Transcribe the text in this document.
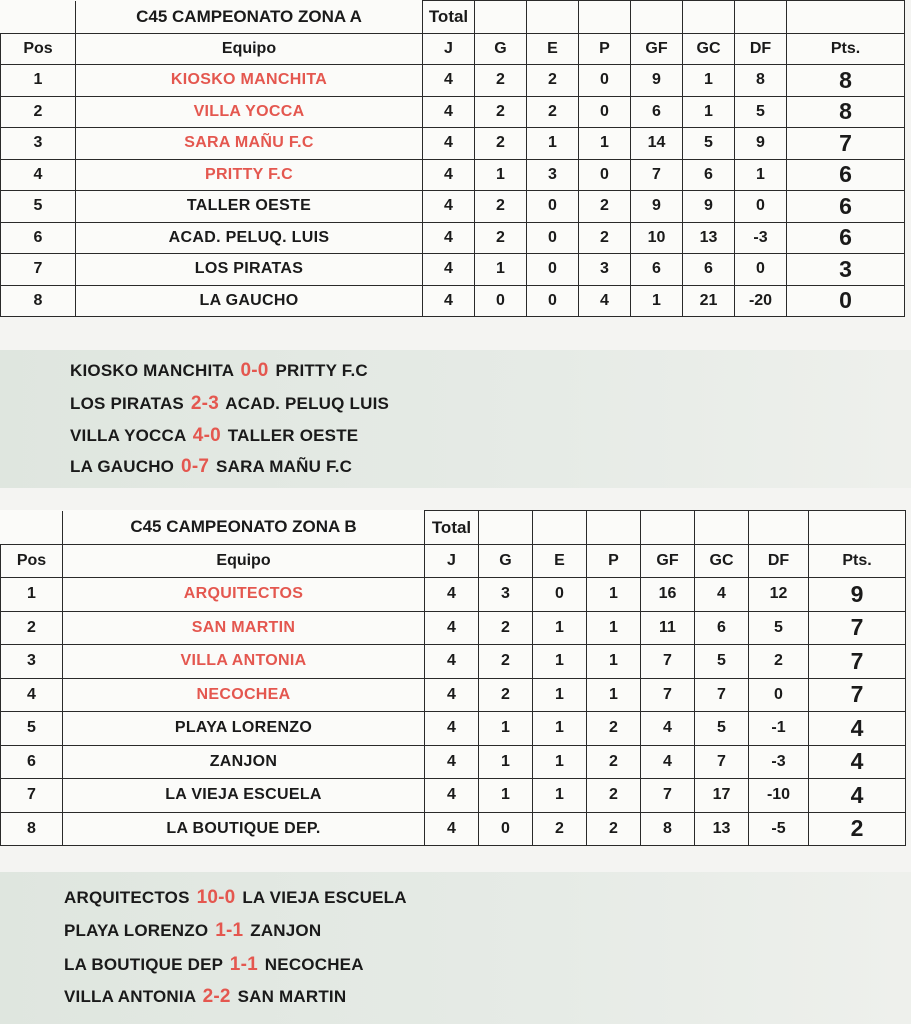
	C45 CAMPEONATO ZONA A	Total							
Pos	Equipo	J	G	E	P	GF	GC	DF	Pts.
1	KIOSKO MANCHITA	4	2	2	0	9	1	8	8
2	VILLA YOCCA	4	2	2	0	6	1	5	8
3	SARA MAÑU F.C	4	2	1	1	14	5	9	7
4	PRITTY F.C	4	1	3	0	7	6	1	6
5	TALLER OESTE	4	2	0	2	9	9	0	6
6	ACAD. PELUQ. LUIS	4	2	0	2	10	13	-3	6
7	LOS PIRATAS	4	1	0	3	6	6	0	3
8	LA GAUCHO	4	0	0	4	1	21	-20	0
KIOSKO MANCHITA 0-0 PRITTY F.C
LOS PIRATAS 2-3 ACAD. PELUQ LUIS
VILLA YOCCA 4-0 TALLER OESTE
LA GAUCHO 0-7 SARA MAÑU F.C
	C45 CAMPEONATO ZONA B	Total							
Pos	Equipo	J	G	E	P	GF	GC	DF	Pts.
1	ARQUITECTOS	4	3	0	1	16	4	12	9
2	SAN MARTIN	4	2	1	1	11	6	5	7
3	VILLA ANTONIA	4	2	1	1	7	5	2	7
4	NECOCHEA	4	2	1	1	7	7	0	7
5	PLAYA LORENZO	4	1	1	2	4	5	-1	4
6	ZANJON	4	1	1	2	4	7	-3	4
7	LA VIEJA ESCUELA	4	1	1	2	7	17	-10	4
8	LA BOUTIQUE DEP.	4	0	2	2	8	13	-5	2
ARQUITECTOS 10-0 LA VIEJA ESCUELA
PLAYA LORENZO 1-1 ZANJON
LA BOUTIQUE DEP 1-1 NECOCHEA
VILLA ANTONIA 2-2 SAN MARTIN
